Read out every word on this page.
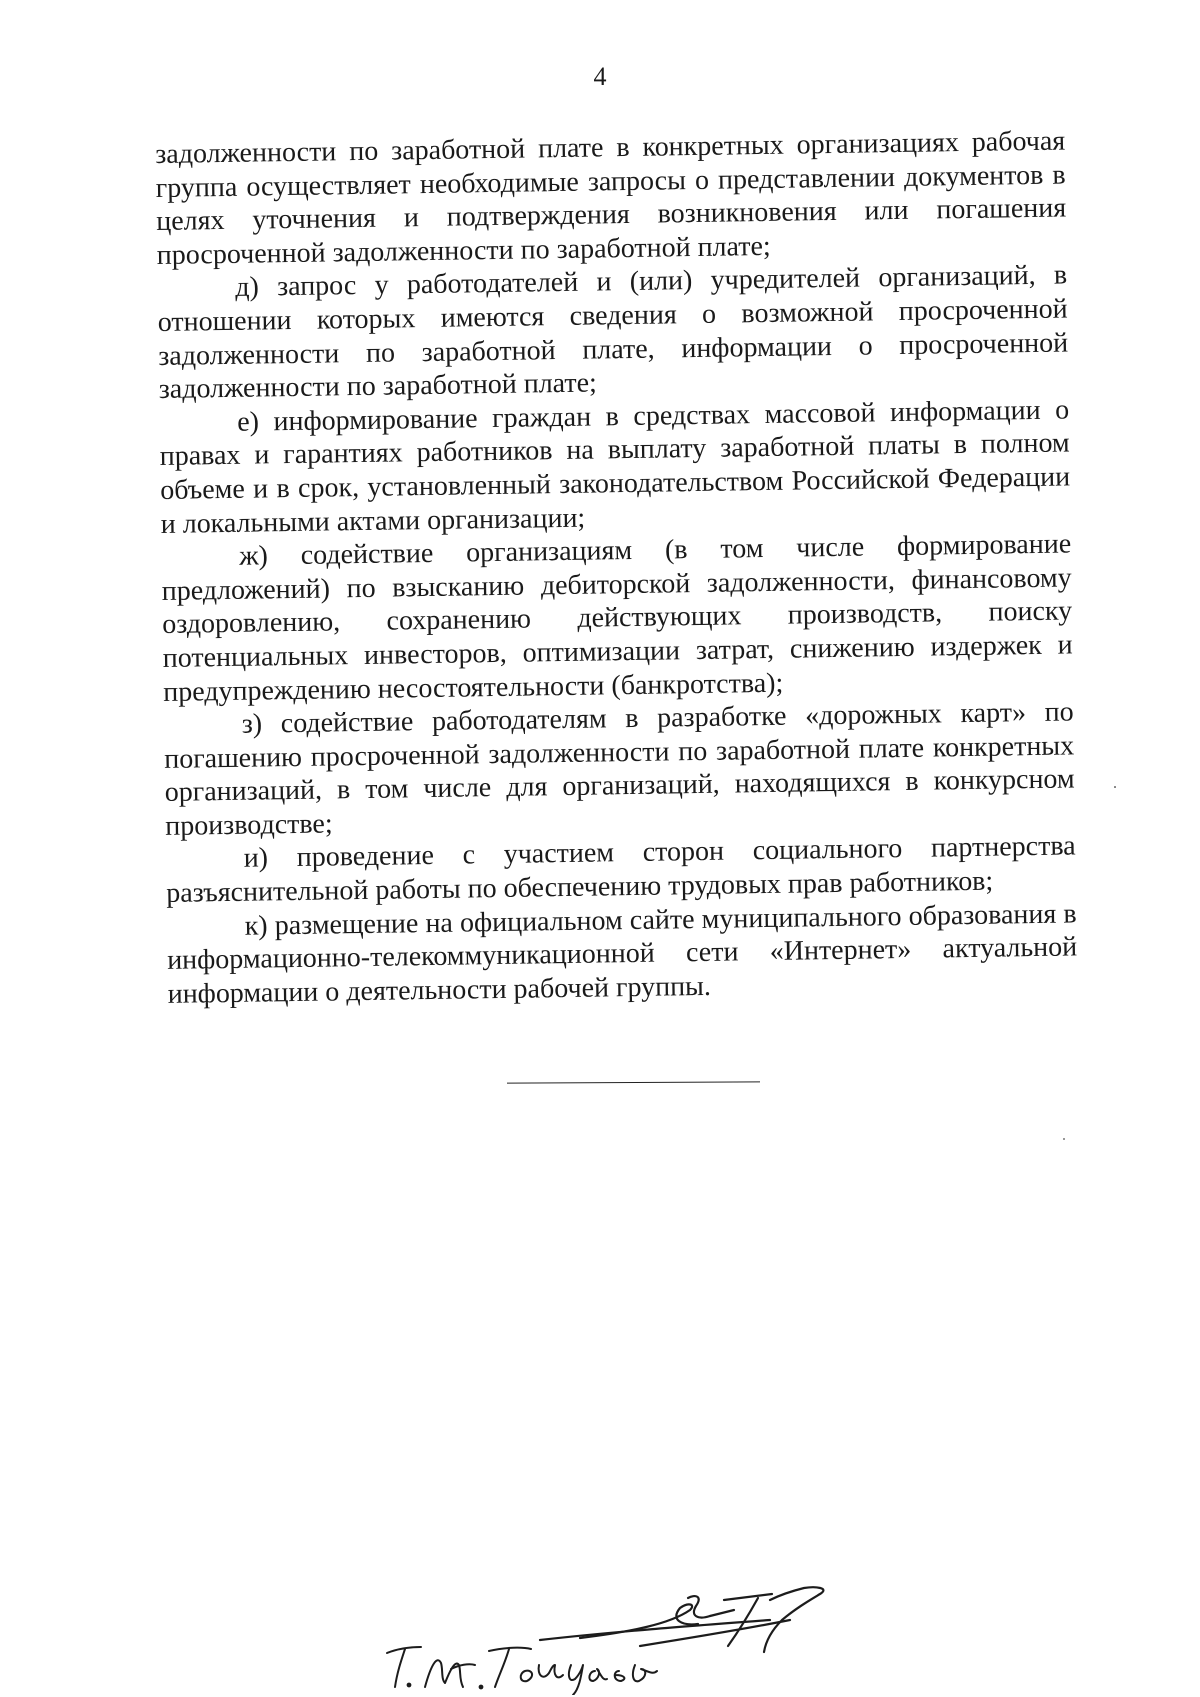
4

задолженности по заработной плате в конкретных организациях рабочая группа осуществляет необходимые запросы о представлении документов в целях уточнения и подтверждения возникновения или погашения просроченной задолженности по заработной плате;

д) запрос у работодателей и (или) учредителей организаций, в отношении которых имеются сведения о возможной просроченной задолженности по заработной плате, информации о просроченной задолженности по заработной плате;

е) информирование граждан в средствах массовой информации о правах и гарантиях работников на выплату заработной платы в полном объеме и в срок, установленный законодательством Российской Федерации и локальными актами организации;

ж) содействие организациям (в том числе формирование предложений) по взысканию дебиторской задолженности, финансовому оздоровлению, сохранению действующих производств, поиску потенциальных инвесторов, оптимизации затрат, снижению издержек и предупреждению несостоятельности (банкротства);

з) содействие работодателям в разработке «дорожных карт» по погашению просроченной задолженности по заработной плате конкретных организаций, в том числе для организаций, находящихся в конкурсном производстве;

и) проведение с участием сторон социального партнерства разъяснительной работы по обеспечению трудовых прав работников;

к) размещение на официальном сайте муниципального образования в информационно-телекоммуникационной сети «Интернет» актуальной информации о деятельности рабочей группы.
